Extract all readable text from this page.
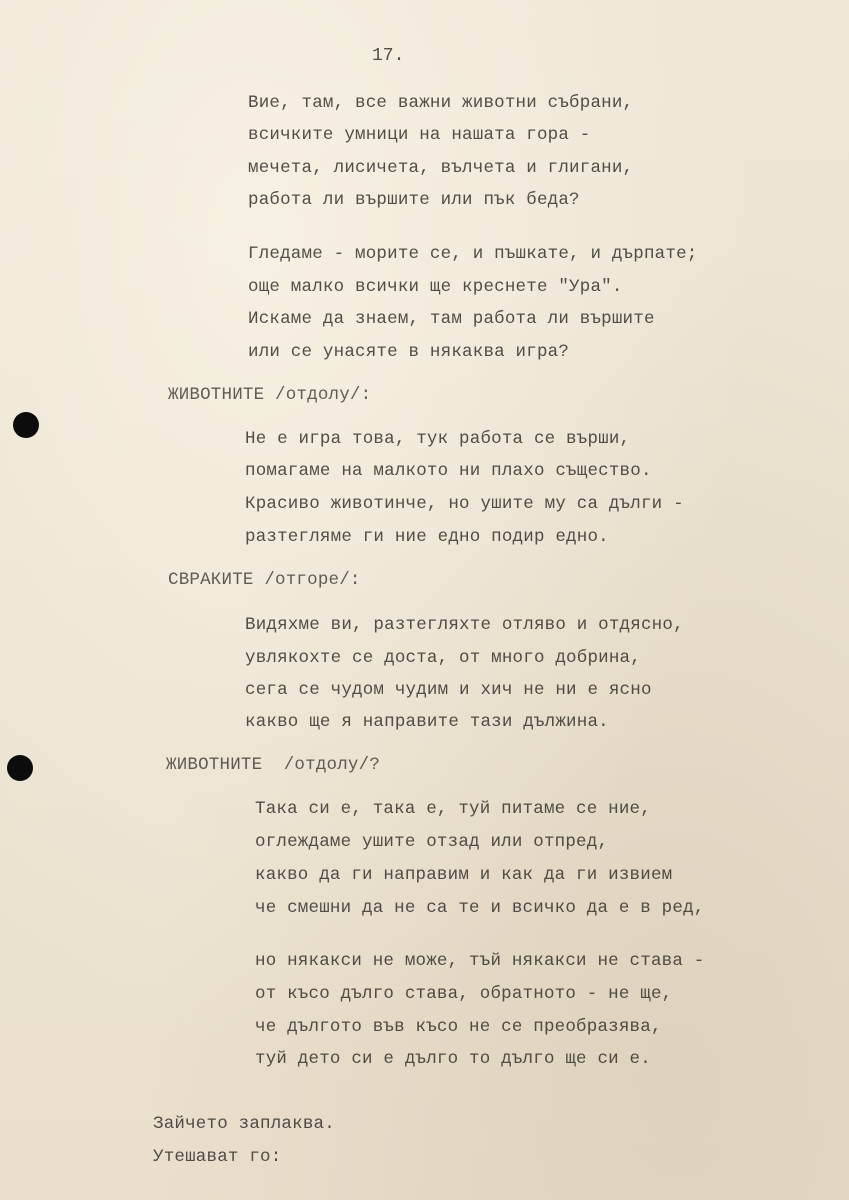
17.
Вие, там, все важни животни събрани,
всичките умници на нашата гора -
мечета, лисичета, вълчета и глигани,
работа ли вършите или пък беда?
Гледаме - морите се, и пъшкате, и дърпате;
още малко всички ще креснете "Ура".
Искаме да знаем, там работа ли вършите
или се унасяте в някаква игра?
ЖИВОТНИТЕ /отдолу/:
Не е игра това, тук работа се върши,
помагаме на малкото ни плахо същество.
Красиво животинче, но ушите му са дълги -
разтегляме ги ние едно подир едно.
СВРАКИТЕ /отгоре/:
Видяхме ви, разтегляхте отляво и отдясно,
увлякохте се доста, от много добрина,
сега се чудом чудим и хич не ни е ясно
какво ще я направите тази дължина.
ЖИВОТНИТЕ  /отдолу/?
Така си е, така е, туй питаме се ние,
оглеждаме ушите отзад или отпред,
какво да ги направим и как да ги извием
че смешни да не са те и всичко да е в ред,
но някакси не може, тъй някакси не става -
от късо дълго става, обратното - не ще,
че дългото във късо не се преобразява,
туй дето си е дълго то дълго ще си е.
Зайчето заплаква.
Утешават го:
